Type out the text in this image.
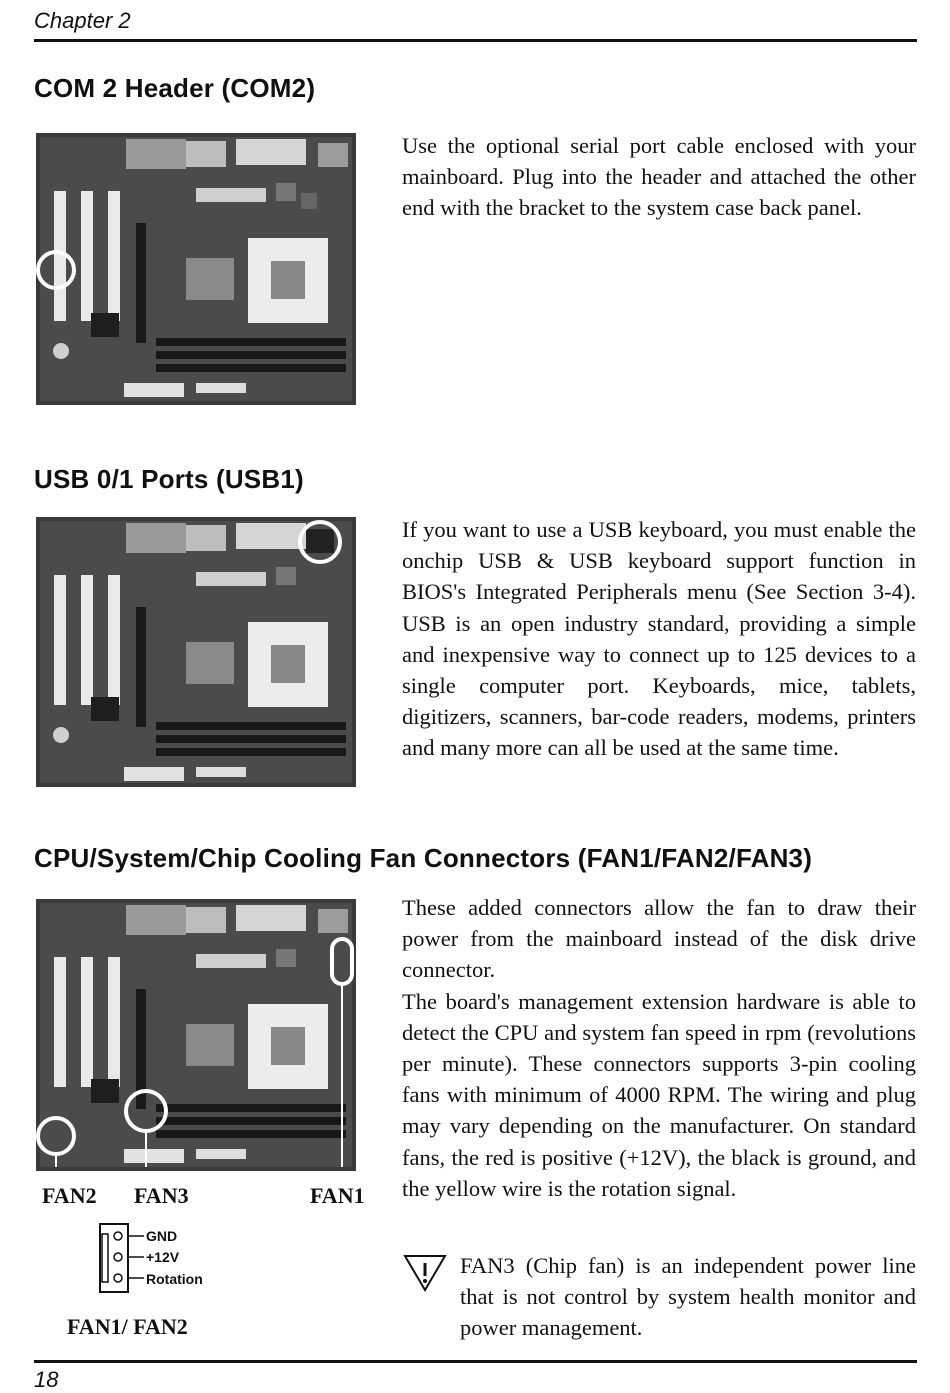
Chapter 2
COM 2 Header (COM2)

Use the optional serial port cable enclosed with your mainboard. Plug into the header and attached the other end with the bracket to the system case back panel.

USB 0/1 Ports (USB1)

If you want to use a USB keyboard, you must enable the onchip USB & USB keyboard support function in BIOS's Integrated Peripherals menu (See Section 3-4). USB is an open industry standard, providing a simple and inexpensive way to connect up to 125 devices to a single computer port. Keyboards, mice, tablets, digitizers, scanners, bar-code readers, modems, printers and many more can all be used at the same time.

CPU/System/Chip Cooling Fan Connectors (FAN1/FAN2/FAN3)
FAN2 FAN3	FAN1
GND
+12V
Rotation
FAN1/ FAN2

These added connectors allow the fan to draw their power from the mainboard instead of the disk drive connector.

The board's management extension hardware is able to detect the CPU and system fan speed in rpm (revolutions per minute). These connectors supports 3-pin cooling fans with minimum of 4000 RPM. The wiring and plug may vary depending on the manufacturer. On standard fans, the red is positive (+12V), the black is ground, and the yellow wire is the rotation signal.

FAN3 (Chip fan) is an independent power line that is not control by system health monitor and power management.

18
